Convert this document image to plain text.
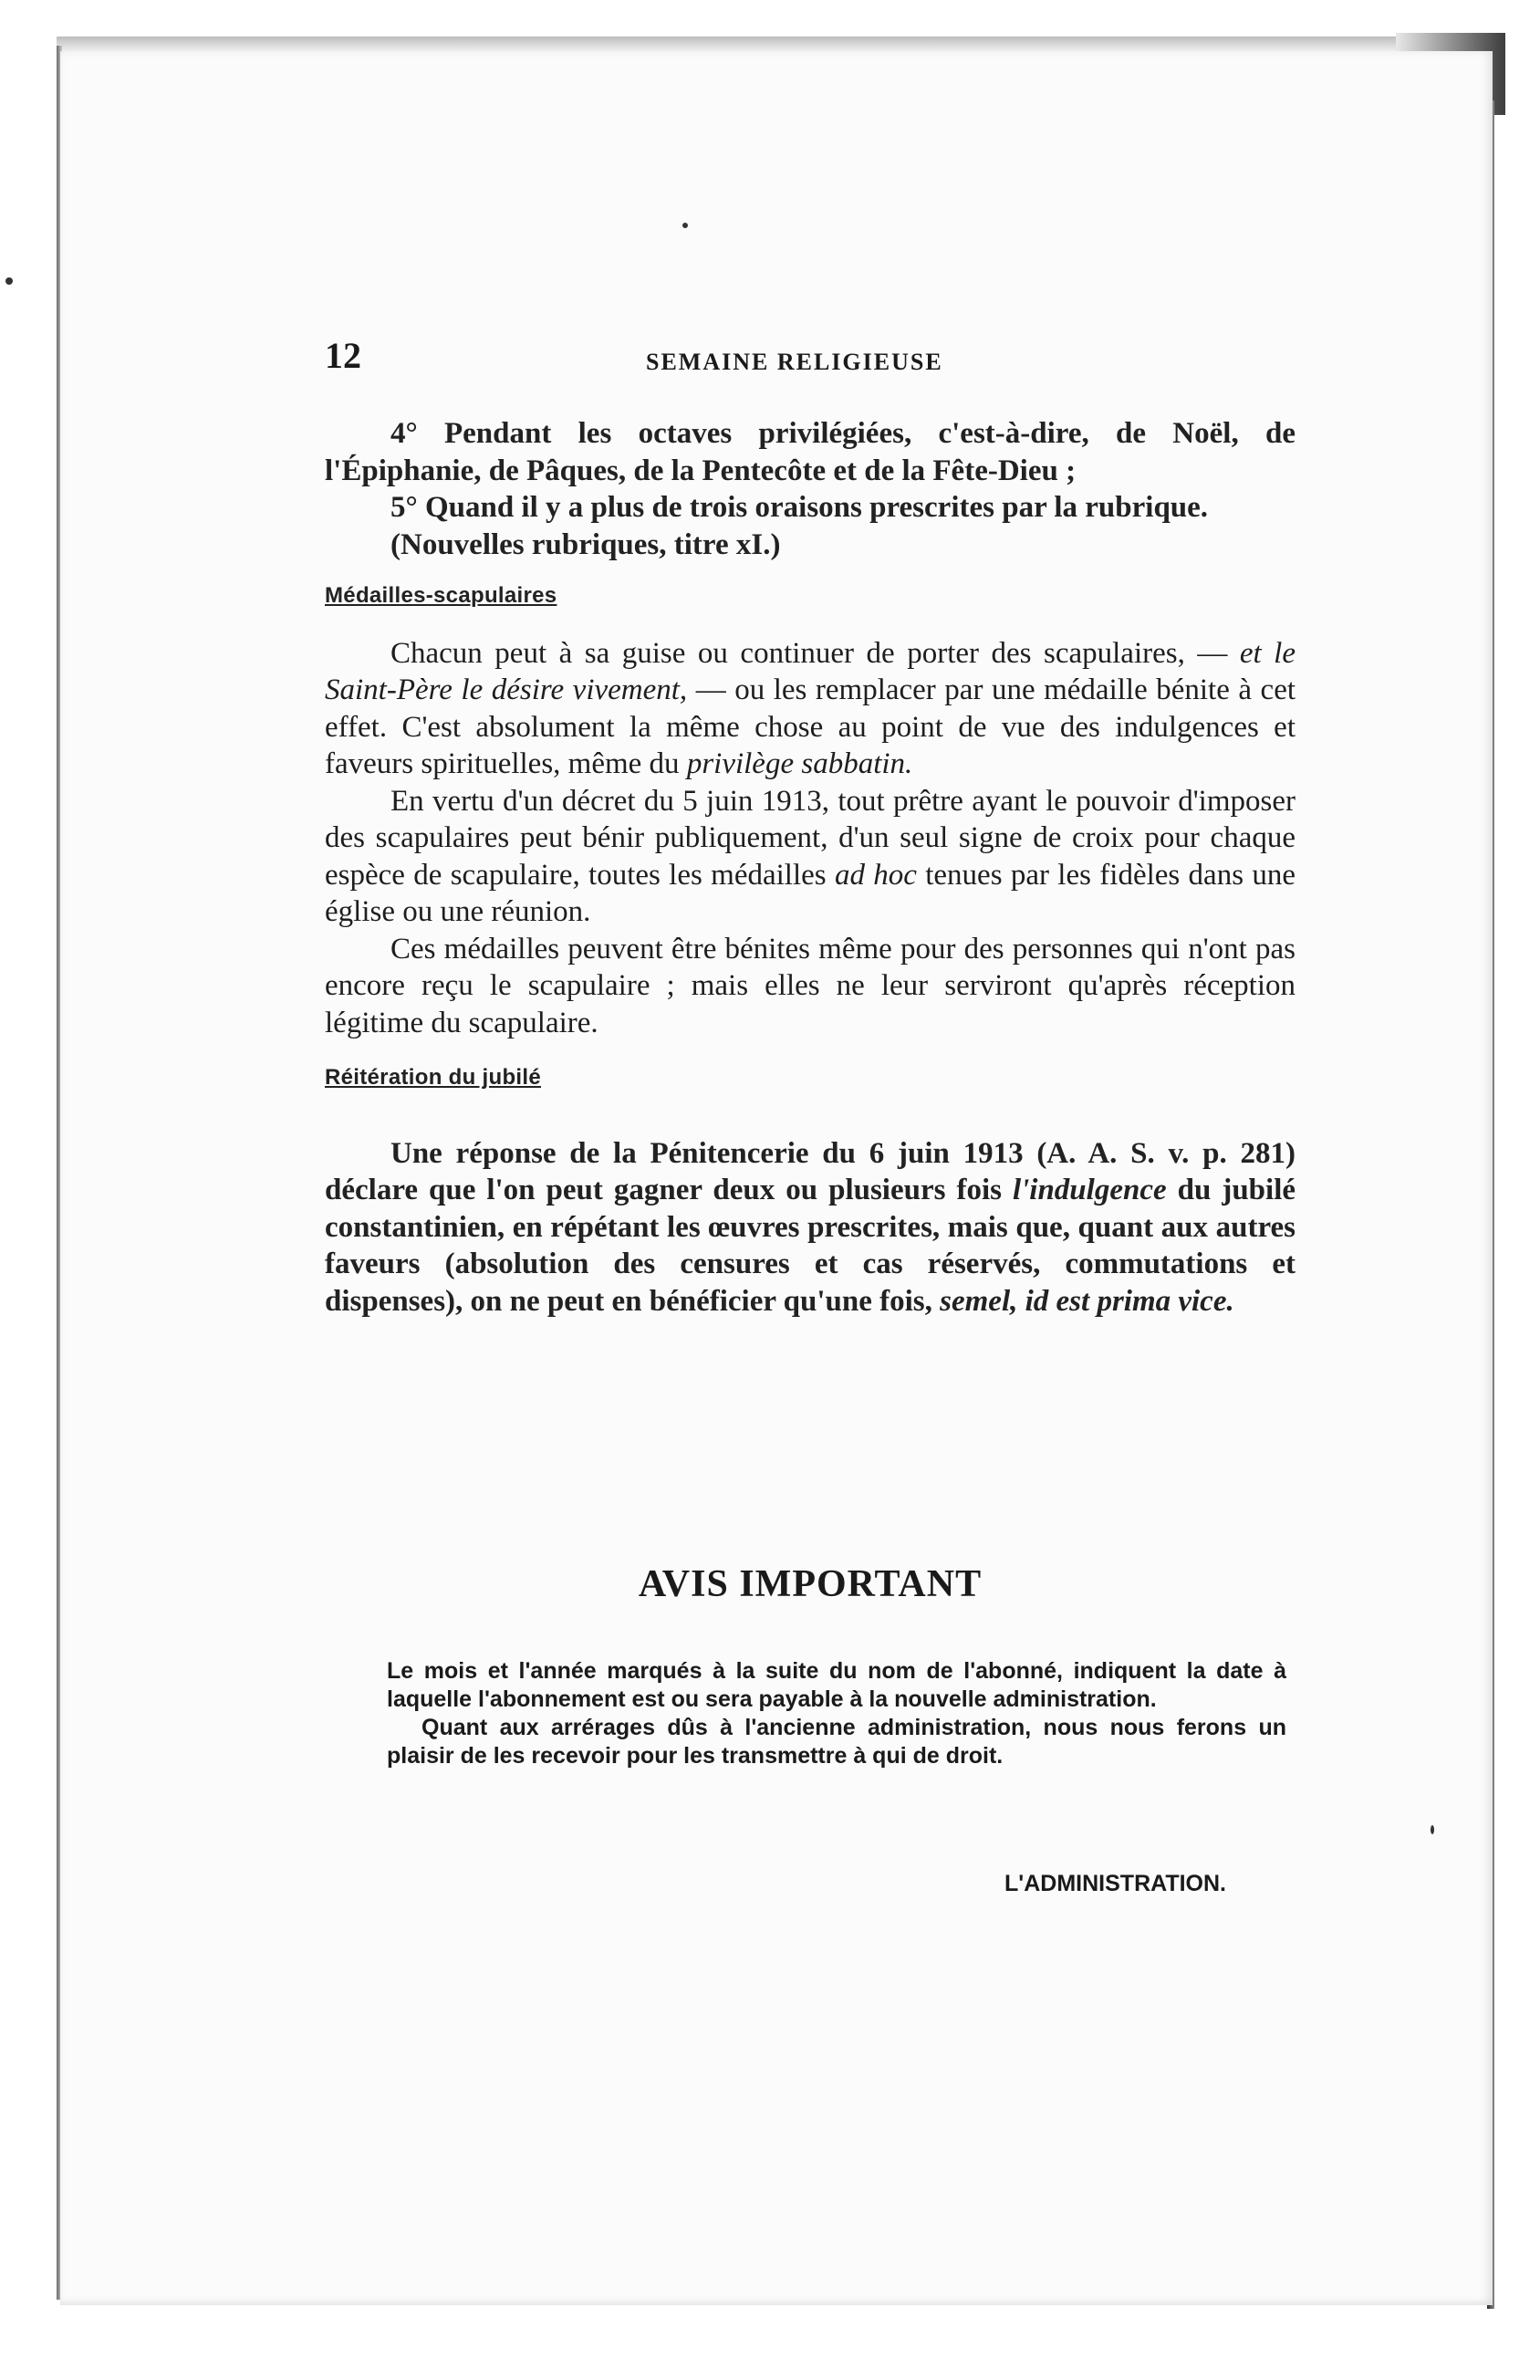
12	SEMAINE RELIGIEUSE

4° Pendant les octaves privilégiées, c'est-à-dire, de Noël, de l'Épiphanie, de Pâques, de la Pentecôte et de la Fête-Dieu ;

5° Quand il y a plus de trois oraisons prescrites par la rubrique.

(Nouvelles rubriques, titre xI.)

Médailles-scapulaires

Chacun peut à sa guise ou continuer de porter des scapulaires, — et le Saint-Père le désire vivement, — ou les remplacer par une médaille bénite à cet effet. C'est absolument la même chose au point de vue des indulgences et faveurs spirituelles, même du privilège sabbatin.

En vertu d'un décret du 5 juin 1913, tout prêtre ayant le pouvoir d'imposer des scapulaires peut bénir publiquement, d'un seul signe de croix pour chaque espèce de scapulaire, toutes les médailles ad hoc tenues par les fidèles dans une église ou une réunion.

Ces médailles peuvent être bénites même pour des personnes qui n'ont pas encore reçu le scapulaire ; mais elles ne leur serviront qu'après réception légitime du scapulaire.

Réitération du jubilé

Une réponse de la Pénitencerie du 6 juin 1913 (A. A. S. v. p. 281) déclare que l'on peut gagner deux ou plusieurs fois l'indulgence du jubilé constantinien, en répétant les œuvres prescrites, mais que, quant aux autres faveurs (absolution des censures et cas réservés, commutations et dispenses), on ne peut en bénéficier qu'une fois, semel, id est prima vice.

AVIS IMPORTANT

Le mois et l'année marqués à la suite du nom de l'abonné, indiquent la date à laquelle l'abonnement est ou sera payable à la nouvelle administration.

Quant aux arrérages dûs à l'ancienne administration, nous nous ferons un plaisir de les recevoir pour les transmettre à qui de droit.

L'ADMINISTRATION.
